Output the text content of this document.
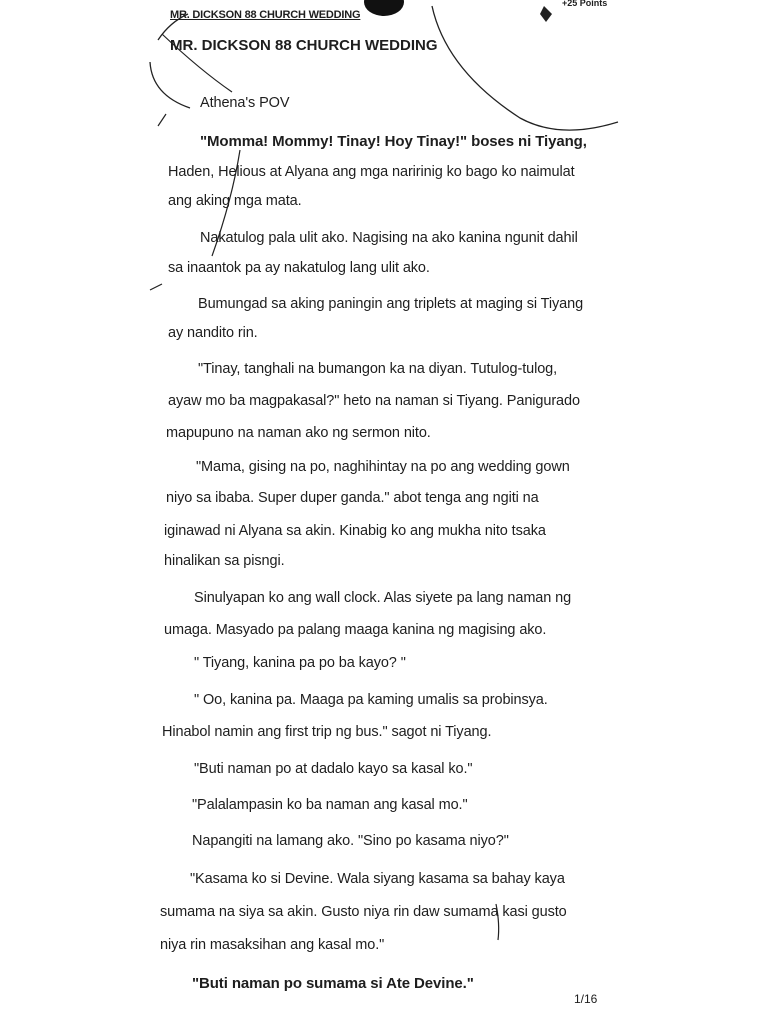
MR. DICKSON 88 CHURCH WEDDING
+25 Points
MR. DICKSON 88 CHURCH WEDDING
Athena's POV
"Momma! Mommy! Tinay! Hoy Tinay!" boses ni Tiyang,
Haden, Helious at Alyana ang mga naririnig ko bago ko naimulat
ang aking mga mata.
Nakatulog pala ulit ako. Nagising na ako kanina ngunit dahil
sa inaantok pa ay nakatulog lang ulit ako.
Bumungad sa aking paningin ang triplets at maging si Tiyang
ay nandito rin.
"Tinay, tanghali na bumangon ka na diyan. Tutulog-tulog,
ayaw mo ba magpakasal?" heto na naman si Tiyang. Panigurado
mapupuno na naman ako ng sermon nito.
"Mama, gising na po, naghihintay na po ang wedding gown
niyo sa ibaba. Super duper ganda." abot tenga ang ngiti na
iginawad ni Alyana sa akin. Kinabig ko ang mukha nito tsaka
hinalikan sa pisngi.
Sinulyapan ko ang wall clock. Alas siyete pa lang naman ng
umaga. Masyado pa palang maaga kanina ng magising ako.
" Tiyang, kanina pa po ba kayo? "
" Oo, kanina pa. Maaga pa kaming umalis sa probinsya.
Hinabol namin ang first trip ng bus." sagot ni Tiyang.
"Buti naman po at dadalo kayo sa kasal ko."
"Palalampasin ko ba naman ang kasal mo."
Napangiti na lamang ako. "Sino po kasama niyo?"
"Kasama ko si Devine. Wala siyang kasama sa bahay kaya
sumama na siya sa akin. Gusto niya rin daw sumama kasi gusto
niya rin masaksihan ang kasal mo."
"Buti naman po sumama si Ate Devine."
1/16
